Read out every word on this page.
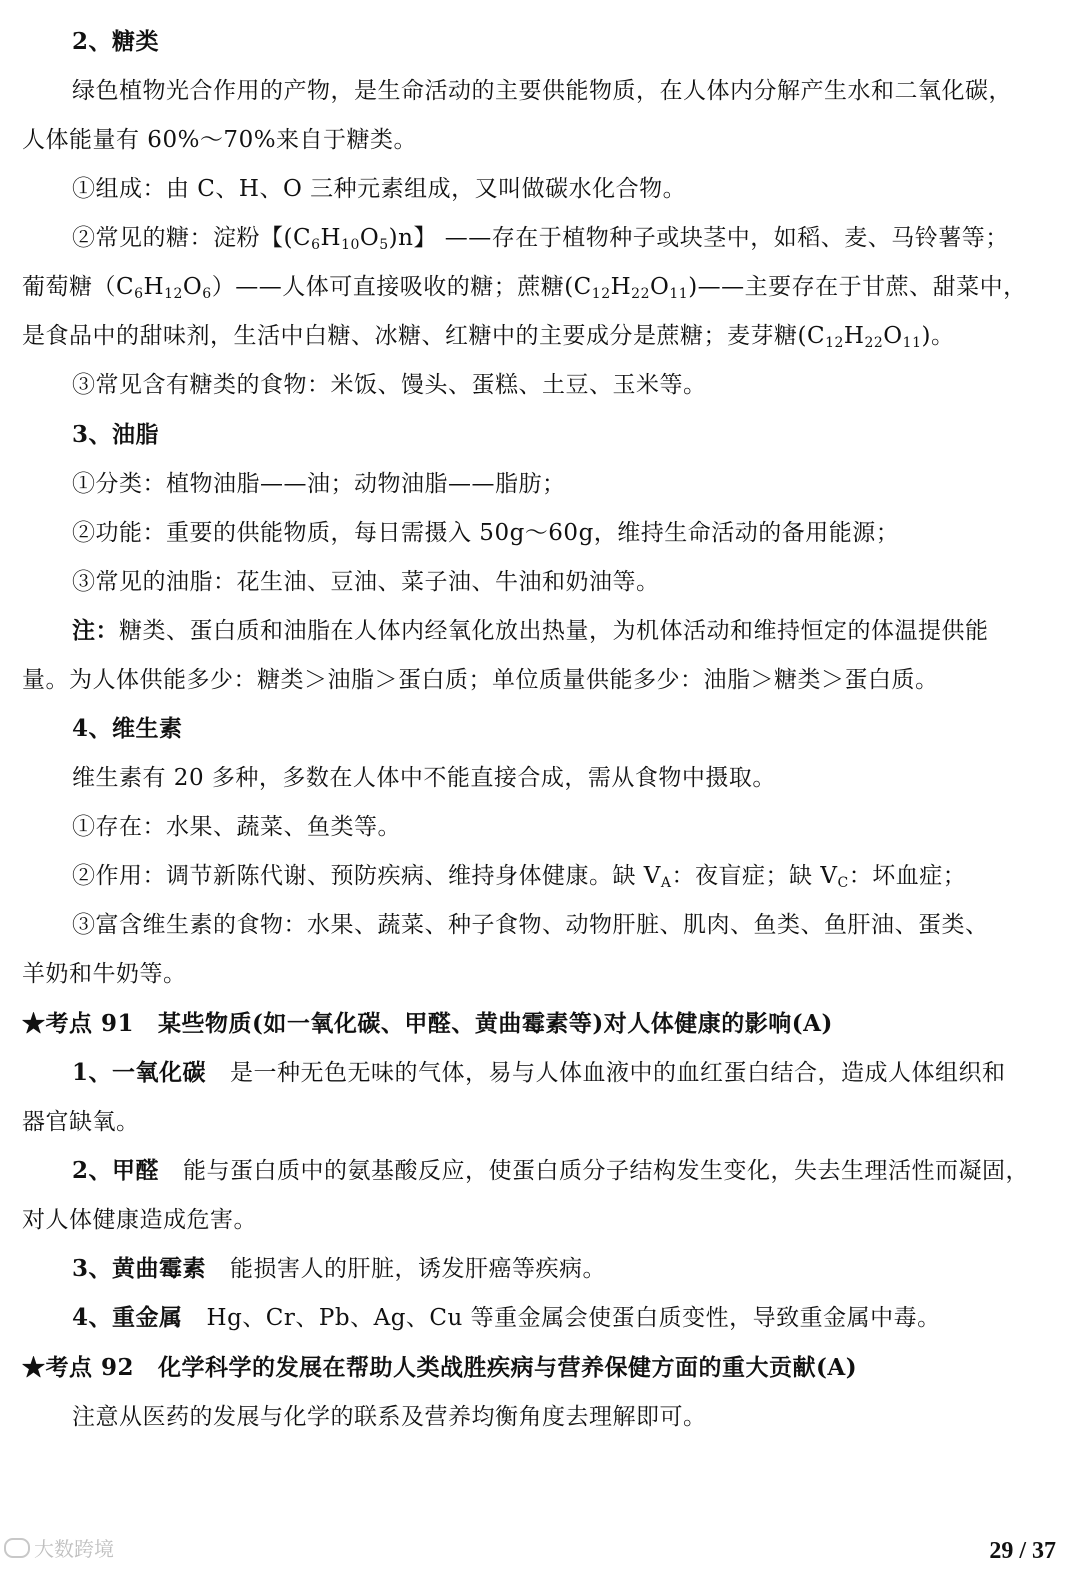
2、糖类
绿色植物光合作用的产物，是生命活动的主要供能物质，在人体内分解产生水和二氧化碳，
人体能量有 60%～70%来自于糖类。
①组成：由 C、H、O 三种元素组成，又叫做碳水化合物。
②常见的糖：淀粉【$(C_6H_{10}O_5)n$】 ——存在于植物种子或块茎中，如稻、麦、马铃薯等；
葡萄糖$(C_6H_{12}O_6)——$人体可直接吸收的糖；蔗糖$(C_{12}H_{22}O_{11})——$主要存在于甘蔗、甜菜中，
是食品中的甜味剂，生活中白糖、冰糖、红糖中的主要成分是蔗糖；麦芽糖$(C_{12}H_{22}O_{11})$。
③常见含有糖类的食物：米饭、馒头、蛋糕、土豆、玉米等。
3、油脂
①分类：植物油脂——油；动物油脂——脂肪；
②功能：重要的供能物质，每日需摄入 50g～60g，维持生命活动的备用能源；
③常见的油脂：花生油、豆油、菜子油、牛油和奶油等。
注：糖类、蛋白质和油脂在人体内经氧化放出热量，为机体活动和维持恒定的体温提供能
量。为人体供能多少：糖类＞油脂＞蛋白质；单位质量供能多少：油脂＞糖类＞蛋白质。
4、维生素
维生素有 20 多种，多数在人体中不能直接合成，需从食物中摄取。
①存在：水果、蔬菜、鱼类等。
②作用：调节新陈代谢、预防疾病、维持身体健康。缺 $V_A$：夜盲症；缺 $V_C$：坏血症；
③富含维生素的食物：水果、蔬菜、种子食物、动物肝脏、肌肉、鱼类、鱼肝油、蛋类、
羊奶和牛奶等。
★考点 91 某些物质(如一氧化碳、甲醛、黄曲霉素等)对人体健康的影响(A)
1、一氧化碳 是一种无色无味的气体，易与人体血液中的血红蛋白结合，造成人体组织和
器官缺氧。
2、甲醛 能与蛋白质中的氨基酸反应，使蛋白质分子结构发生变化，失去生理活性而凝固，
对人体健康造成危害。
3、黄曲霉素 能损害人的肝脏，诱发肝癌等疾病。
4、重金属 Hg、Cr、Pb、Ag、Cu 等重金属会使蛋白质变性，导致重金属中毒。
★考点 92 化学科学的发展在帮助人类战胜疾病与营养保健方面的重大贡献(A)
注意从医药的发展与化学的联系及营养均衡角度去理解即可。
大数跨境	29 / 37
